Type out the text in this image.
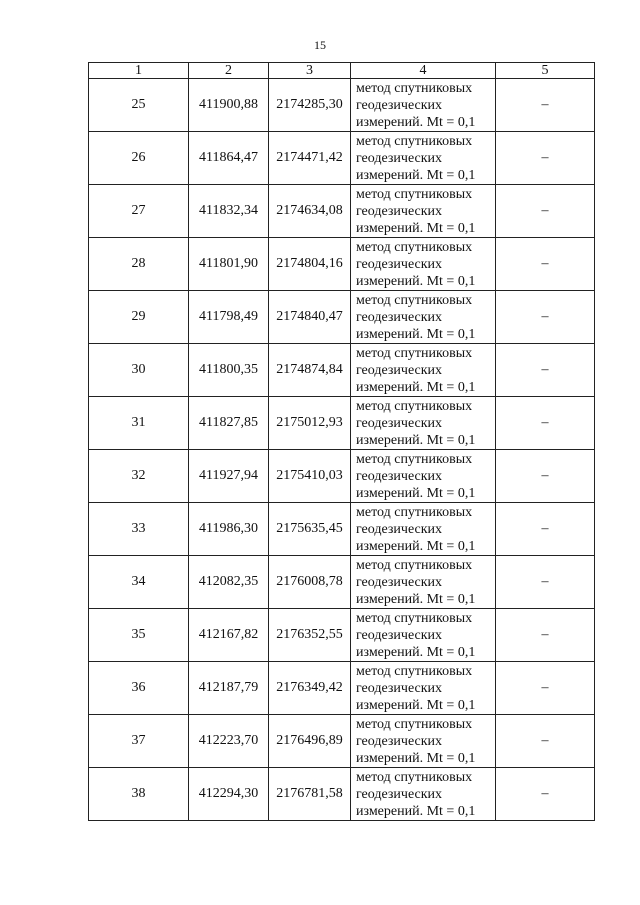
15
1	2	3	4	5
25	411900,88	2174285,30	метод спутниковых
геодезических
измерений. Mt = 0,1	–
26	411864,47	2174471,42	метод спутниковых
геодезических
измерений. Mt = 0,1	–
27	411832,34	2174634,08	метод спутниковых
геодезических
измерений. Mt = 0,1	–
28	411801,90	2174804,16	метод спутниковых
геодезических
измерений. Mt = 0,1	–
29	411798,49	2174840,47	метод спутниковых
геодезических
измерений. Mt = 0,1	–
30	411800,35	2174874,84	метод спутниковых
геодезических
измерений. Mt = 0,1	–
31	411827,85	2175012,93	метод спутниковых
геодезических
измерений. Mt = 0,1	–
32	411927,94	2175410,03	метод спутниковых
геодезических
измерений. Mt = 0,1	–
33	411986,30	2175635,45	метод спутниковых
геодезических
измерений. Mt = 0,1	–
34	412082,35	2176008,78	метод спутниковых
геодезических
измерений. Mt = 0,1	–
35	412167,82	2176352,55	метод спутниковых
геодезических
измерений. Mt = 0,1	–
36	412187,79	2176349,42	метод спутниковых
геодезических
измерений. Mt = 0,1	–
37	412223,70	2176496,89	метод спутниковых
геодезических
измерений. Mt = 0,1	–
38	412294,30	2176781,58	метод спутниковых
геодезических
измерений. Mt = 0,1	–
